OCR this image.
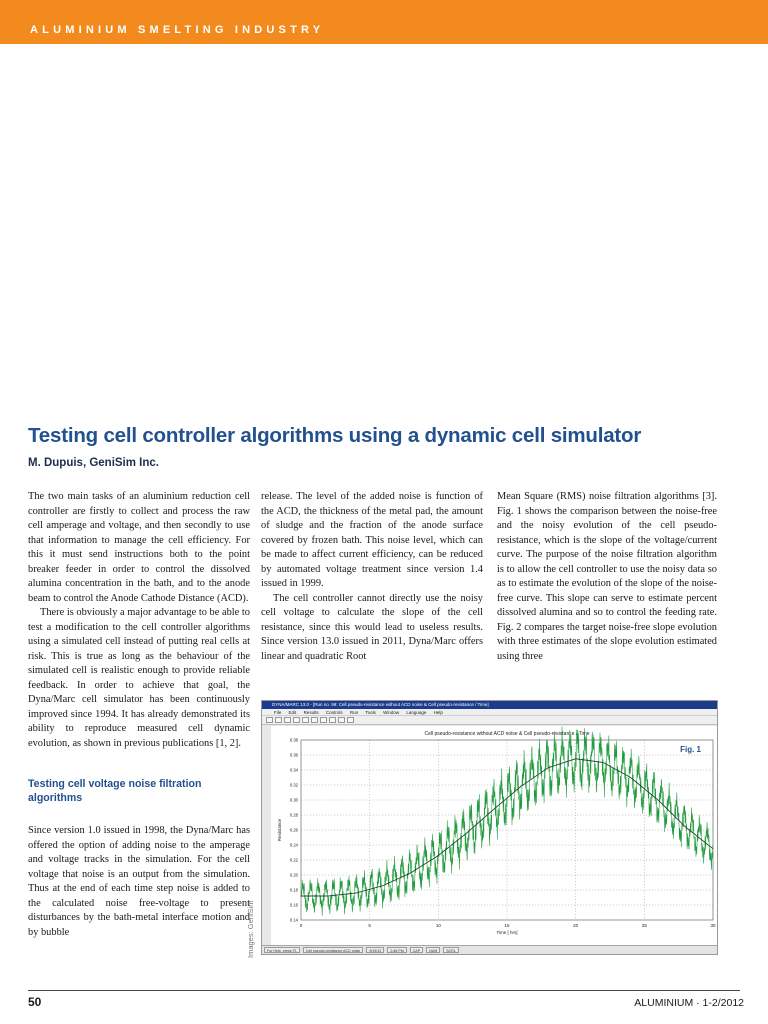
ALUMINIUM SMELTING INDUSTRY
Testing cell controller algorithms using a dynamic cell simulator
M. Dupuis, GeniSim Inc.

The two main tasks of an aluminium reduction cell controller are firstly to collect and process the raw cell amperage and voltage, and then secondly to use that information to manage the cell efficiency. For this it must send instructions both to the point breaker feeder in order to control the dissolved alumina concentration in the bath, and to the anode beam to control the Anode Cathode Distance (ACD).

There is obviously a major advantage to be able to test a modification to the cell controller algorithms using a simulated cell instead of putting real cells at risk. This is true as long as the behaviour of the simulated cell is realistic enough to provide reliable feedback. In order to achieve that goal, the Dyna/Marc cell simulator has been continuously improved since 1994. It has already demonstrated its ability to reproduce measured cell dynamic evolution, as shown in previous publications [1, 2].

Testing cell voltage noise filtration algorithms

Since version 1.0 issued in 1998, the Dyna/Marc has offered the option of adding noise to the amperage and voltage tracks in the simulation. For the cell voltage that noise is an output from the simulation. Thus at the end of each time step noise is added to the calculated noise free-voltage to present disturbances by the bath-metal interface motion and by bubble

release. The level of the added noise is function of the ACD, the thickness of the metal pad, the amount of sludge and the fraction of the anode surface covered by frozen bath. This noise level, which can be made to affect current efficiency, can be reduced by automated voltage treatment since version 1.4 issued in 1999.

The cell controller cannot directly use the noisy cell voltage to calculate the slope of the cell resistance, since this would lead to useless results. Since version 13.0 issued in 2011, Dyna/Marc offers linear and quadratic Root

Mean Square (RMS) noise filtration algorithms [3]. Fig. 1 shows the comparison between the noise-free and the noisy evolution of the cell pseudo-resistance, which is the slope of the voltage/current curve. The purpose of the noise filtration algorithm is to allow the cell controller to use the noisy data so as to estimate the evolution of the slope of the noise-free curve. This slope can serve to estimate percent dissolved alumina and so to control the feeding rate. Fig. 2 compares the target noise-free slope evolution with three estimates of the slope evolution estimated using three

DYNA/MARC 13.0 - [Run no. 99: Cell pseudo-resistance without ACD noise & Cell pseudo-resistance / Time]
File Edit Results Controls Run Tools Window Language Help
Cell pseudo-resistance without ACD noise & Cell pseudo-resistance / Time
0.14
0.16
0.18
0.20
0.22
0.24
0.26
0.28
0.30
0.32
0.34
0.36
0.38
0	5	10	15	20	25	30
Time [ hrs]
Resistance
Fig. 1
For Help, press F1	Cell pseudo-resistance ACD noise	9/19/12	2:46 PM	CAP	NUM	SCRL
Images: GeniSim
50	ALUMINIUM · 1-2/2012
